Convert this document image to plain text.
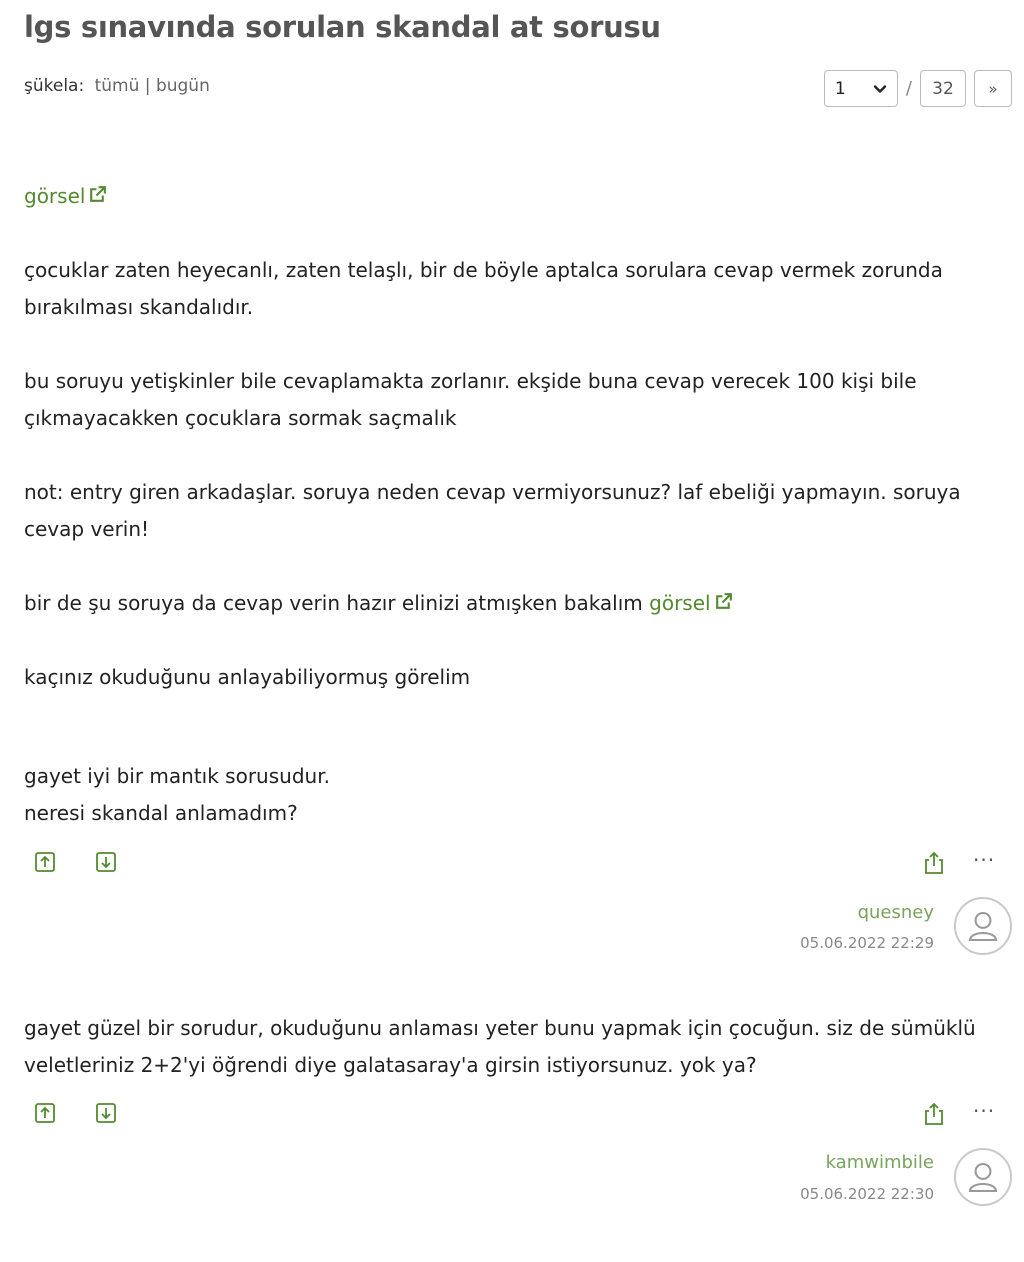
lgs sınavında sorulan skandal at sorusu
şükela: tümü | bugün	1	/	32	»

görsel

çocuklar zaten heyecanlı, zaten telaşlı, bir de böyle aptalca sorulara cevap vermek zorunda bırakılması skandalıdır.

bu soruyu yetişkinler bile cevaplamakta zorlanır. ekşide buna cevap verecek 100 kişi bile çıkmayacakken çocuklara sormak saçmalık

not: entry giren arkadaşlar. soruya neden cevap vermiyorsunuz? laf ebeliği yapmayın. soruya cevap verin!

bir de şu soruya da cevap verin hazır elinizi atmışken bakalım görsel

kaçınız okuduğunu anlayabiliyormuş görelim

gayet iyi bir mantık sorusudur.

neresi skandal anlamadım?

···
quesney
05.06.2022 22:29

gayet güzel bir sorudur, okuduğunu anlaması yeter bunu yapmak için çocuğun. siz de sümüklü veletleriniz 2+2'yi öğrendi diye galatasaray'a girsin istiyorsunuz. yok ya?

···
kamwimbile
05.06.2022 22:30
